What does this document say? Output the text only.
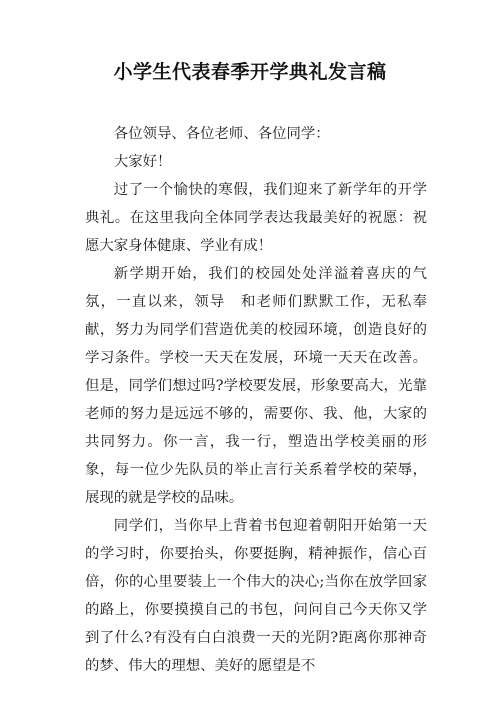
小学生代表春季开学典礼发言稿

各位领导、各位老师、各位同学：

大家好！

过了一个愉快的寒假，我们迎来了新学年的开学典礼。在这里我向全体同学表达我最美好的祝愿：祝愿大家身体健康、学业有成！

新学期开始，我们的校园处处洋溢着喜庆的气氛，一直以来，领导　和老师们默默工作，无私奉献，努力为同学们营造优美的校园环境，创造良好的学习条件。学校一天天在发展，环境一天天在改善。但是，同学们想过吗?学校要发展，形象要高大，光靠老师的努力是远远不够的，需要你、我、他，大家的共同努力。你一言，我一行，塑造出学校美丽的形象，每一位少先队员的举止言行关系着学校的荣辱，展现的就是学校的品味。

同学们，当你早上背着书包迎着朝阳开始第一天的学习时，你要抬头，你要挺胸，精神振作，信心百倍，你的心里要装上一个伟大的决心;当你在放学回家的路上，你要摸摸自己的书包，问问自己今天你又学到了什么?有没有白白浪费一天的光阴?距离你那神奇的梦、伟大的理想、美好的愿望是不
